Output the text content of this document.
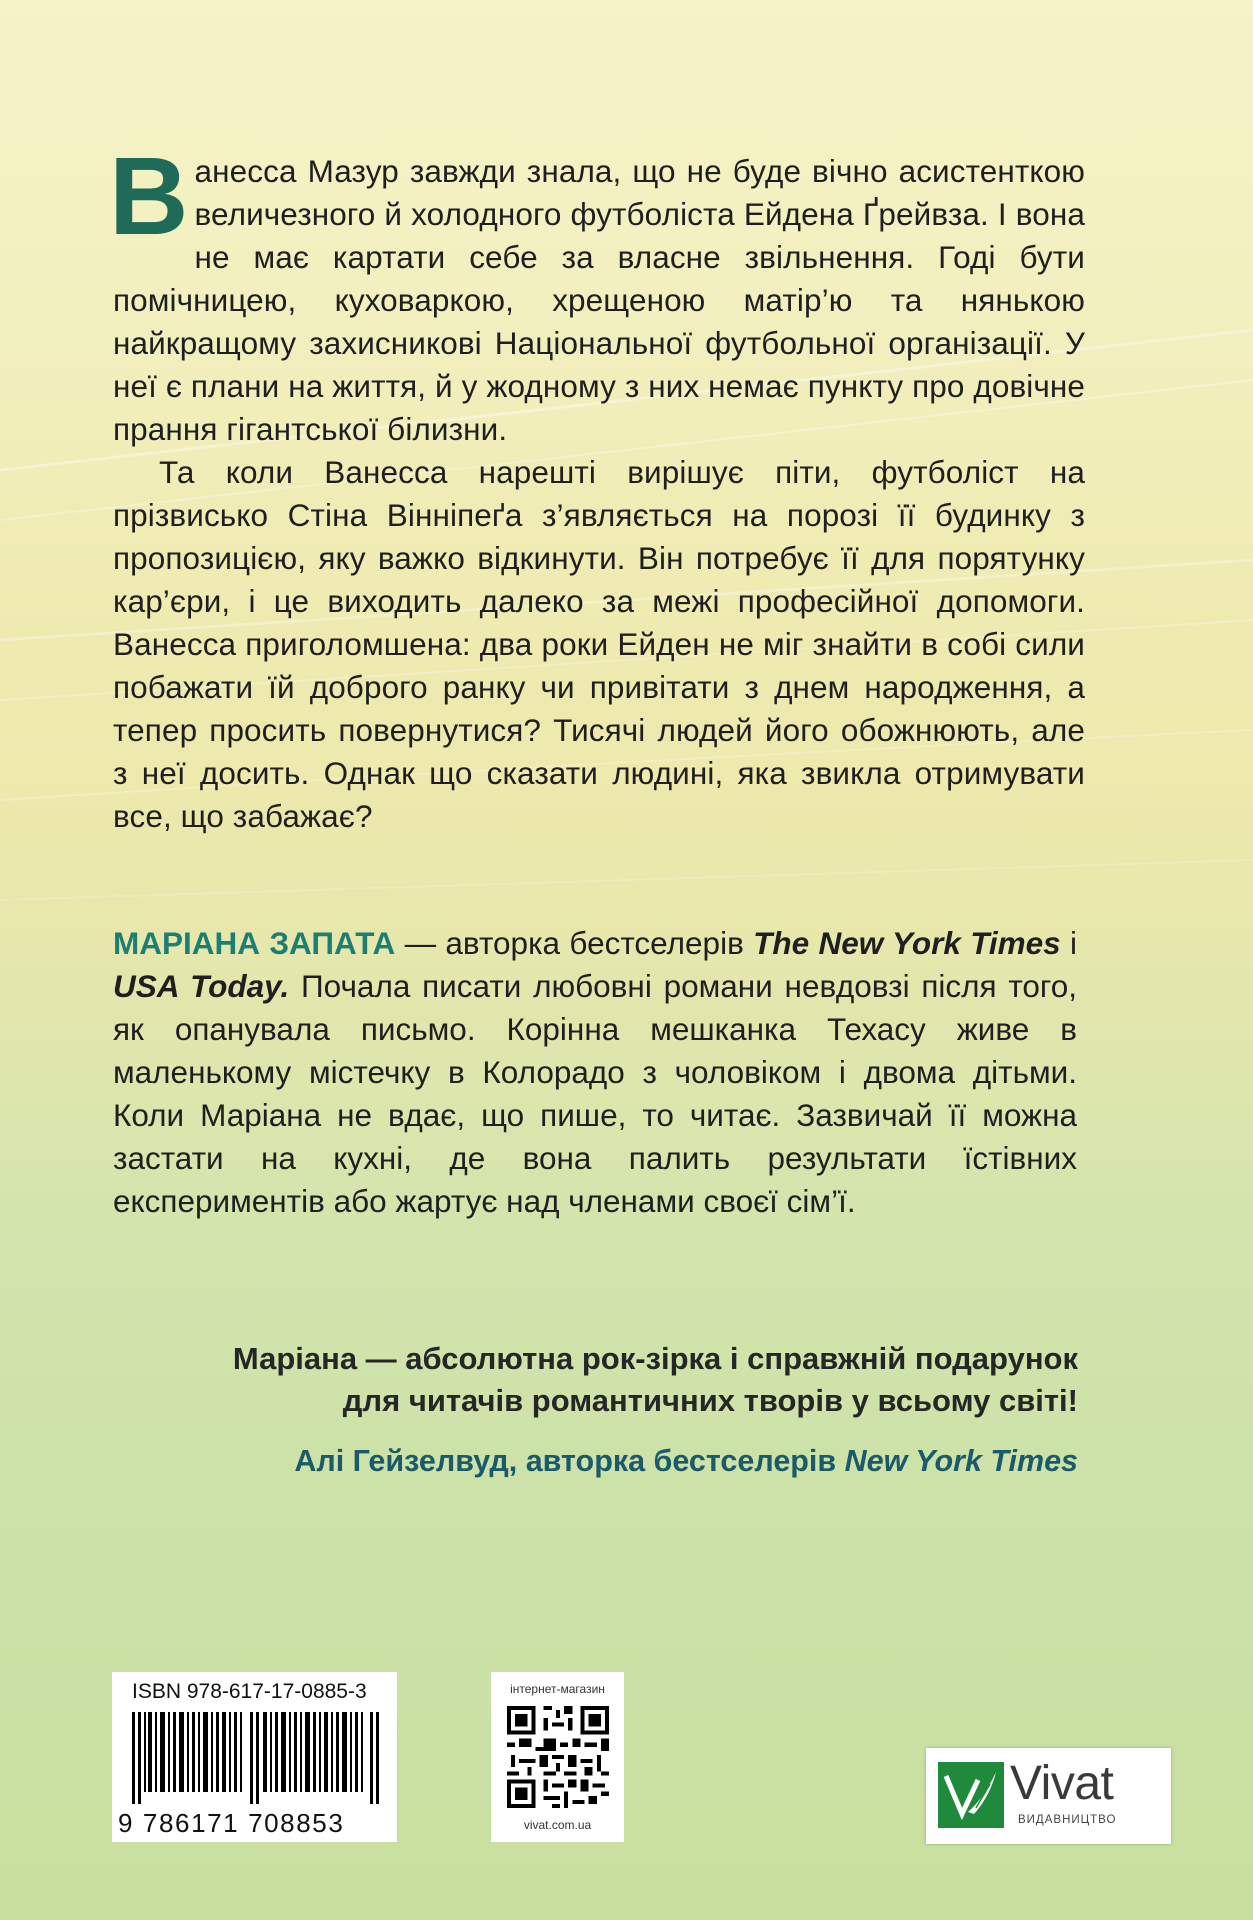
Ванесса Мазур завжди знала, що не буде вічно асистенткою величезного й холодного футболіста Ейдена Ґрейвза. І вона не має картати себе за власне звільнення. Годі бути помічницею, куховаркою, хрещеною матір’ю та нянькою найкращому захисникові Національної футбольної організації. У неї є плани на життя, й у жодному з них немає пункту про довічне прання гігантської білизни.

Та коли Ванесса нарешті вирішує піти, футболіст на прізвисько Стіна Вінніпеґа з’являється на порозі її будинку з пропозицією, яку важко відкинути. Він потребує її для порятунку кар’єри, і це виходить далеко за межі професійної допомоги. Ванесса приголомшена: два роки Ейден не міг знайти в собі сили побажати їй доброго ранку чи привітати з днем народження, а тепер просить повернутися? Тисячі людей його обожнюють, але з неї досить. Однак що сказати людині, яка звикла отримувати все, що забажає?

МАРІАНА ЗАПАТА — авторка бестселерів The New York Times і USA Today. Почала писати любовні романи невдовзі після того, як опанувала письмо. Корінна мешканка Техасу живе в маленькому містечку в Колорадо з чоловіком і двома дітьми. Коли Маріана не вдає, що пише, то читає. Зазвичай її можна застати на кухні, де вона палить результати їстівних експериментів або жартує над членами своєї сім’ї.
Маріана — абсолютна рок-зірка і справжній подарунок
для читачів романтичних творів у всьому світі!
Алі Гейзелвуд, авторка бестселерів New York Times
ISBN 978-617-17-0885-3
9 786171 708853
інтернет-магазин
vivat.com.ua
Vivat
ВИДАВНИЦТВО
